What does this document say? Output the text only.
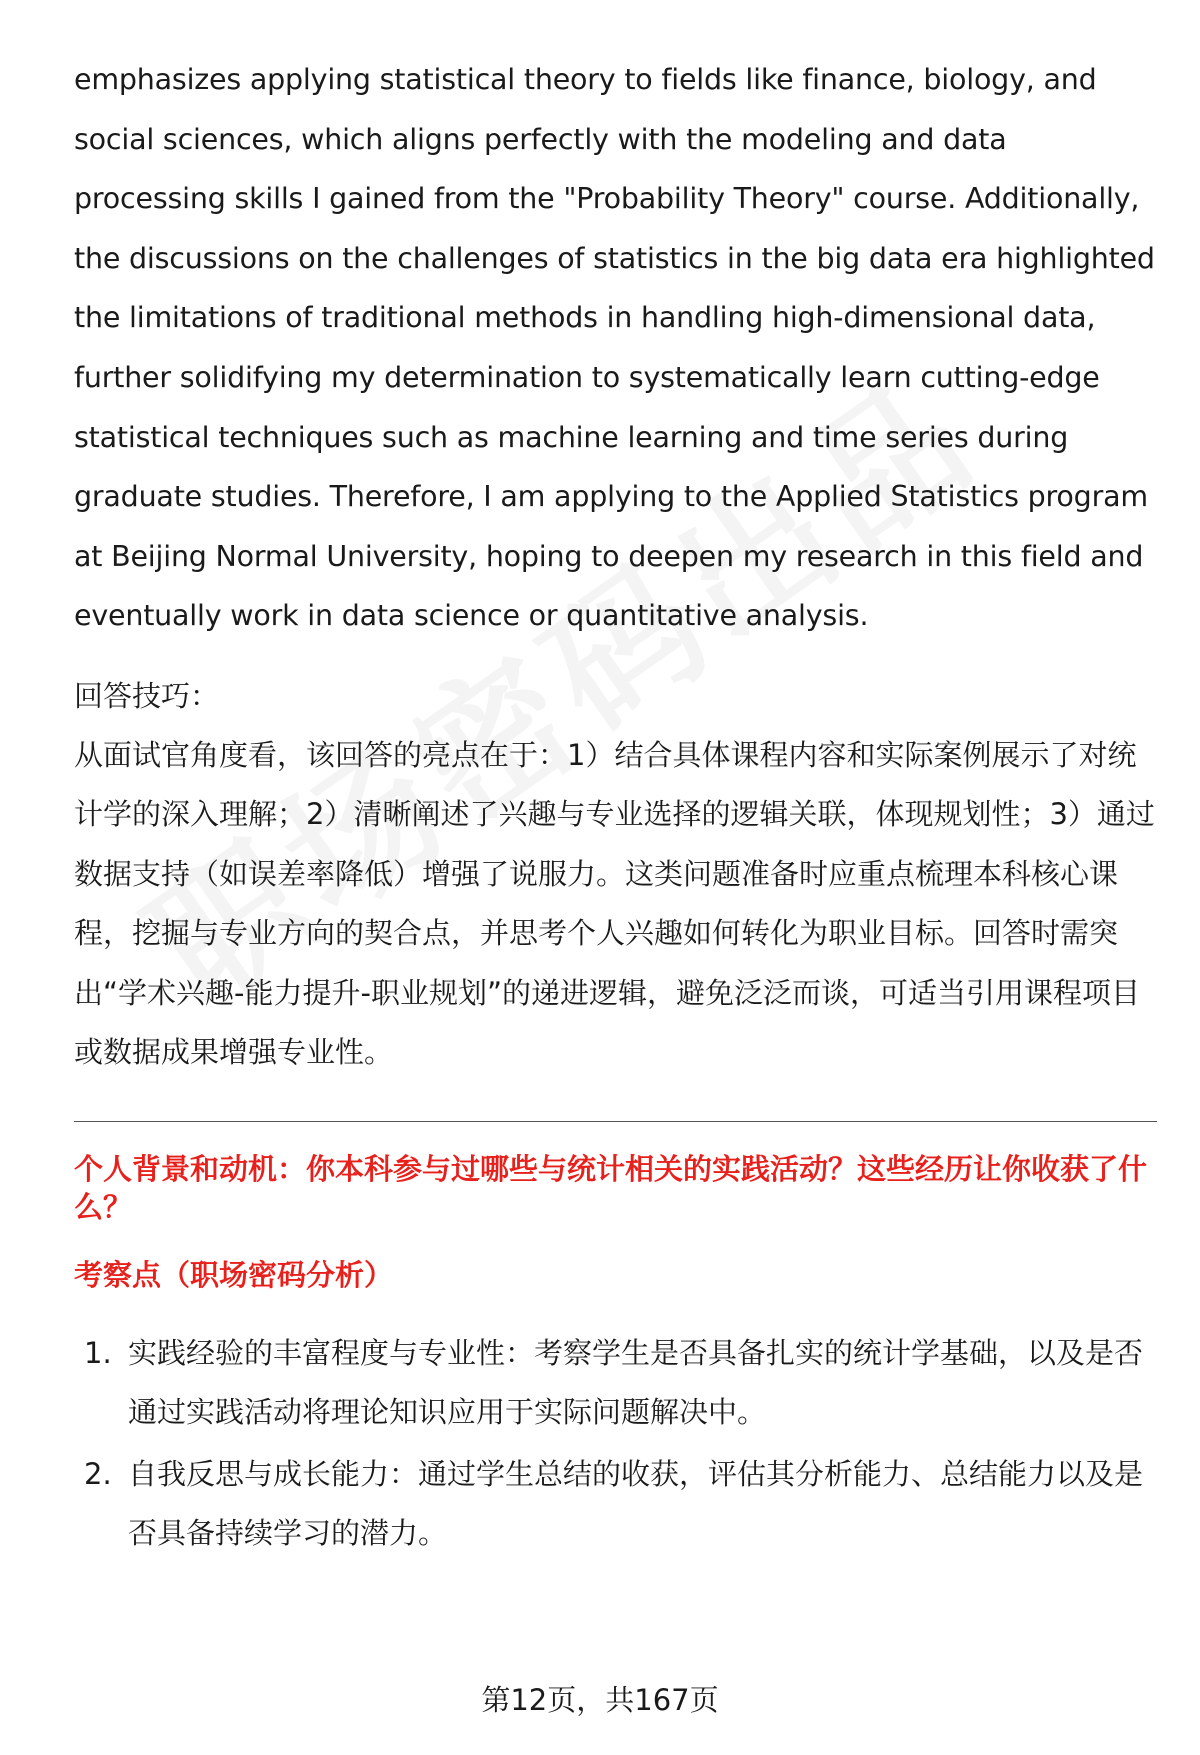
emphasizes applying statistical theory to fields like finance, biology, and social sciences, which aligns perfectly with the modeling and data processing skills I gained from the "Probability Theory" course. Additionally, the discussions on the challenges of statistics in the big data era highlighted the limitations of traditional methods in handling high-dimensional data, further solidifying my determination to systematically learn cutting-edge statistical techniques such as machine learning and time series during graduate studies. Therefore, I am applying to the Applied Statistics program at Beijing Normal University, hoping to deepen my research in this field and eventually work in data science or quantitative analysis.

回答技巧：

从面试官角度看，该回答的亮点在于：1）结合具体课程内容和实际案例展示了对统计学的深入理解；2）清晰阐述了兴趣与专业选择的逻辑关联，体现规划性；3）通过数据支持（如误差率降低）增强了说服力。这类问题准备时应重点梳理本科核心课程，挖掘与专业方向的契合点，并思考个人兴趣如何转化为职业目标。回答时需突出“学术兴趣-能力提升-职业规划”的递进逻辑，避免泛泛而谈，可适当引用课程项目或数据成果增强专业性。

个人背景和动机：你本科参与过哪些与统计相关的实践活动？这些经历让你收获了什么？

考察点（职场密码分析）
1. 实践经验的丰富程度与专业性：考察学生是否具备扎实的统计学基础，以及是否通过实践活动将理论知识应用于实际问题解决中。
2. 自我反思与成长能力：通过学生总结的收获，评估其分析能力、总结能力以及是否具备持续学习的潜力。
第12页，共167页
